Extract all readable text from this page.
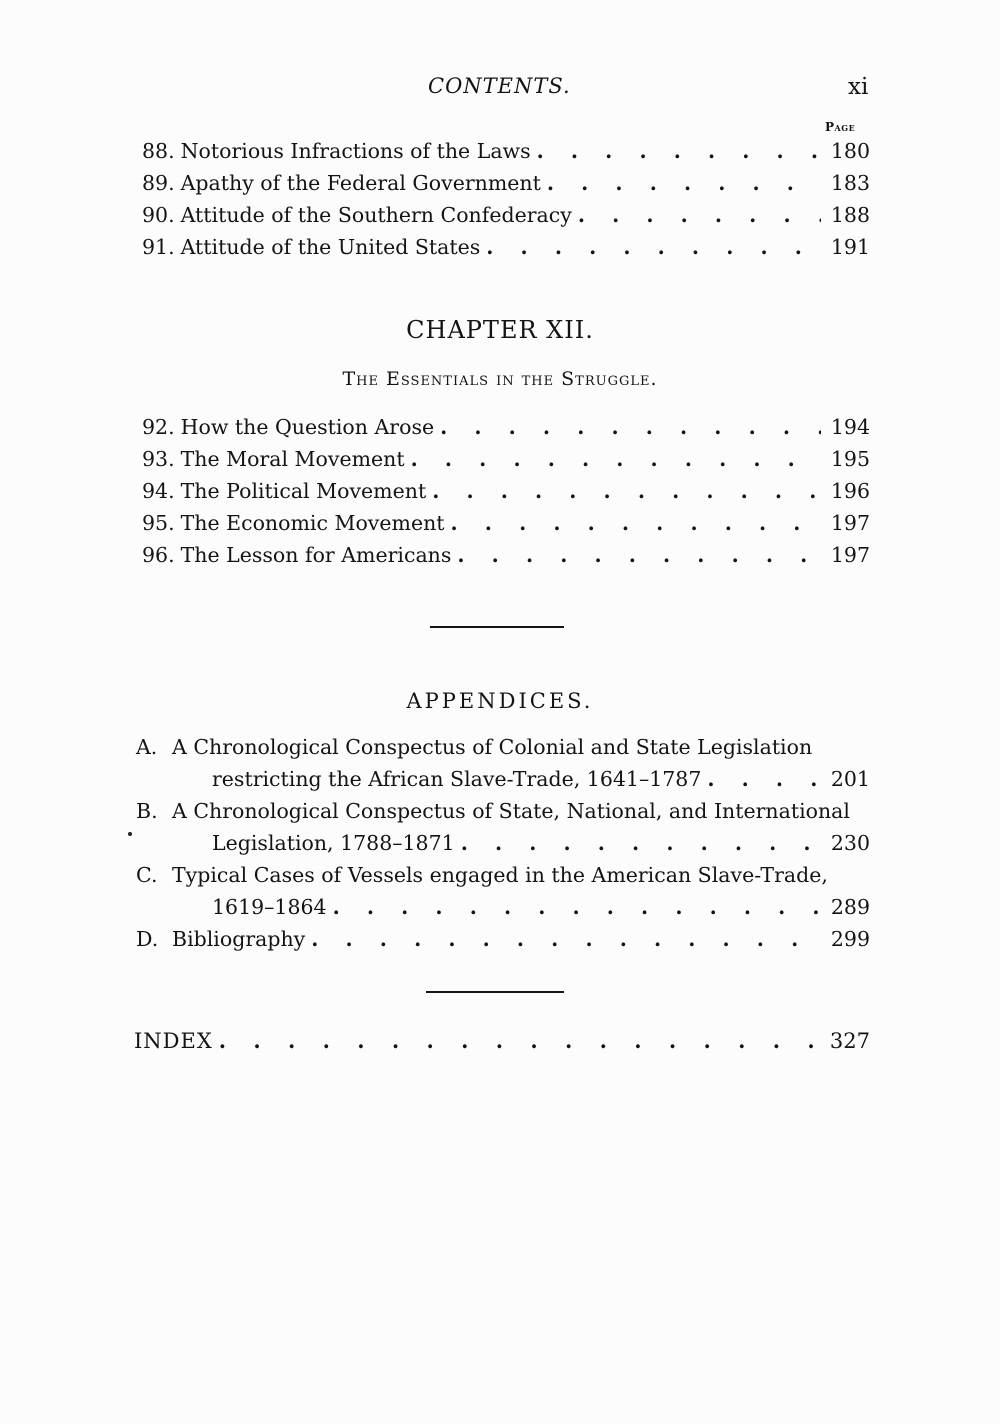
CONTENTS.	xi
Page
88. Notorious Infractions of the Laws . . .	180
89. Apathy of the Federal Government . . .	183
90. Attitude of the Southern Confederacy . . .	188
91. Attitude of the United States . . .	191
CHAPTER XII.
The Essentials in the Struggle.
92. How the Question Arose . . .	194
93. The Moral Movement . . .	195
94. The Political Movement . . .	196
95. The Economic Movement . . .	197
96. The Lesson for Americans . . .	197
APPENDICES.
A. A Chronological Conspectus of Colonial and State Legislation
restricting the African Slave-Trade, 1641–1787 . . .	201
B. A Chronological Conspectus of State, National, and International
Legislation, 1788–1871 . . .	230
C. Typical Cases of Vessels engaged in the American Slave-Trade,
1619–1864 . . .	289
D. Bibliography . . .	299
INDEX . . .	327
